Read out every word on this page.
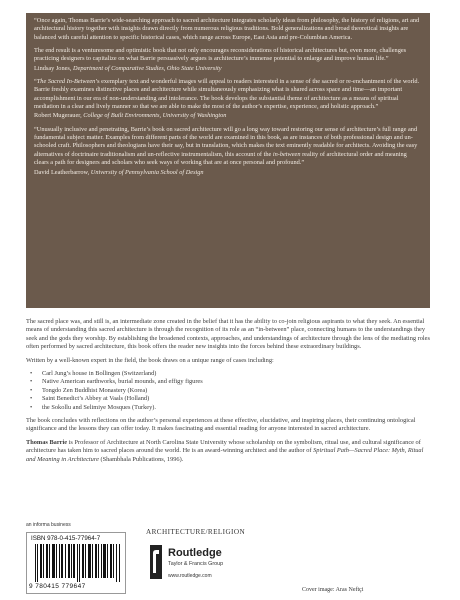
“Once again, Thomas Barrie’s wide-searching approach to sacred architecture integrates scholarly ideas from philosophy, the history of religions, art and architectural history together with insights drawn directly from numerous religious traditions. Bold generalizations and broad theoretical insights are balanced with careful attention to specific historical cases, which range across Europe, East Asia and pre-Columbian America.

The end result is a venturesome and optimistic book that not only encourages reconsiderations of historical architectures but, even more, challenges practicing designers to capitalize on what Barrie persuasively argues is architecture’s immense potential to enlarge and improve human life.”

Lindsay Jones, Department of Comparative Studies, Ohio State University

“The Sacred In-Between’s exemplary text and wonderful images will appeal to readers interested in a sense of the sacred or re-enchantment of the world. Barrie freshly examines distinctive places and architecture while simultaneously emphasizing what is shared across space and time—an important accomplishment in our era of non-understanding and intolerance. The book develops the substantial theme of architecture as a means of spiritual mediation in a clear and lively manner so that we are able to make the most of the author’s expertise, experience, and holistic approach.”

Robert Mugerauer, College of Built Environments, University of Washington

“Unusually inclusive and penetrating, Barrie’s book on sacred architecture will go a long way toward restoring our sense of architecture’s full range and fundamental subject matter. Examples from different parts of the world are examined in this book, as are instances of both professional design and un-schooled craft. Philosophers and theologians have their say, but in translation, which makes the text eminently readable for architects. Avoiding the easy alternatives of doctrinaire traditionalism and un-reflective instrumentalism, this account of the in-between reality of architectural order and meaning clears a path for designers and scholars who seek ways of working that are at once personal and profound.”

David Leatherbarrow, University of Pennsylvania School of Design

The sacred place was, and still is, an intermediate zone created in the belief that it has the ability to co-join religious aspirants to what they seek. An essential means of understanding this sacred architecture is through the recognition of its role as an “in-between” place, connecting humans to the understandings they seek and the gods they worship. By establishing the broadened contexts, approaches, and understandings of architecture through the lens of the mediating roles often performed by sacred architecture, this book offers the reader new insights into the forces behind these extraordinary buildings.

Written by a well-known expert in the field, the book draws on a unique range of cases including:

• Carl Jung’s house in Bollingen (Switzerland)
• Native American earthworks, burial mounds, and effigy figures
• Tongdo Zen Buddhist Monastery (Korea)
• Saint Benedict’s Abbey at Vaals (Holland)
• the Sokollu and Selimiye Mosques (Turkey).

The book concludes with reflections on the author’s personal experiences at these effective, elucidative, and inspiring places, their continuing ontological significance and the lessons they can offer today. It makes fascinating and essential reading for anyone interested in sacred architecture.

Thomas Barrie is Professor of Architecture at North Carolina State University whose scholarship on the symbolism, ritual use, and cultural significance of architecture has taken him to sacred places around the world. He is an award-winning architect and the author of Spiritual Path—Sacred Place: Myth, Ritual and Meaning in Architecture (Shambhala Publications, 1996).

an informa business
ISBN 978-0-415-77964-7
9 780415 779647
ARCHITECTURE/RELIGION
Routledge
Taylor & Francis Group
www.routledge.com
Cover image: Aras Neftçi
